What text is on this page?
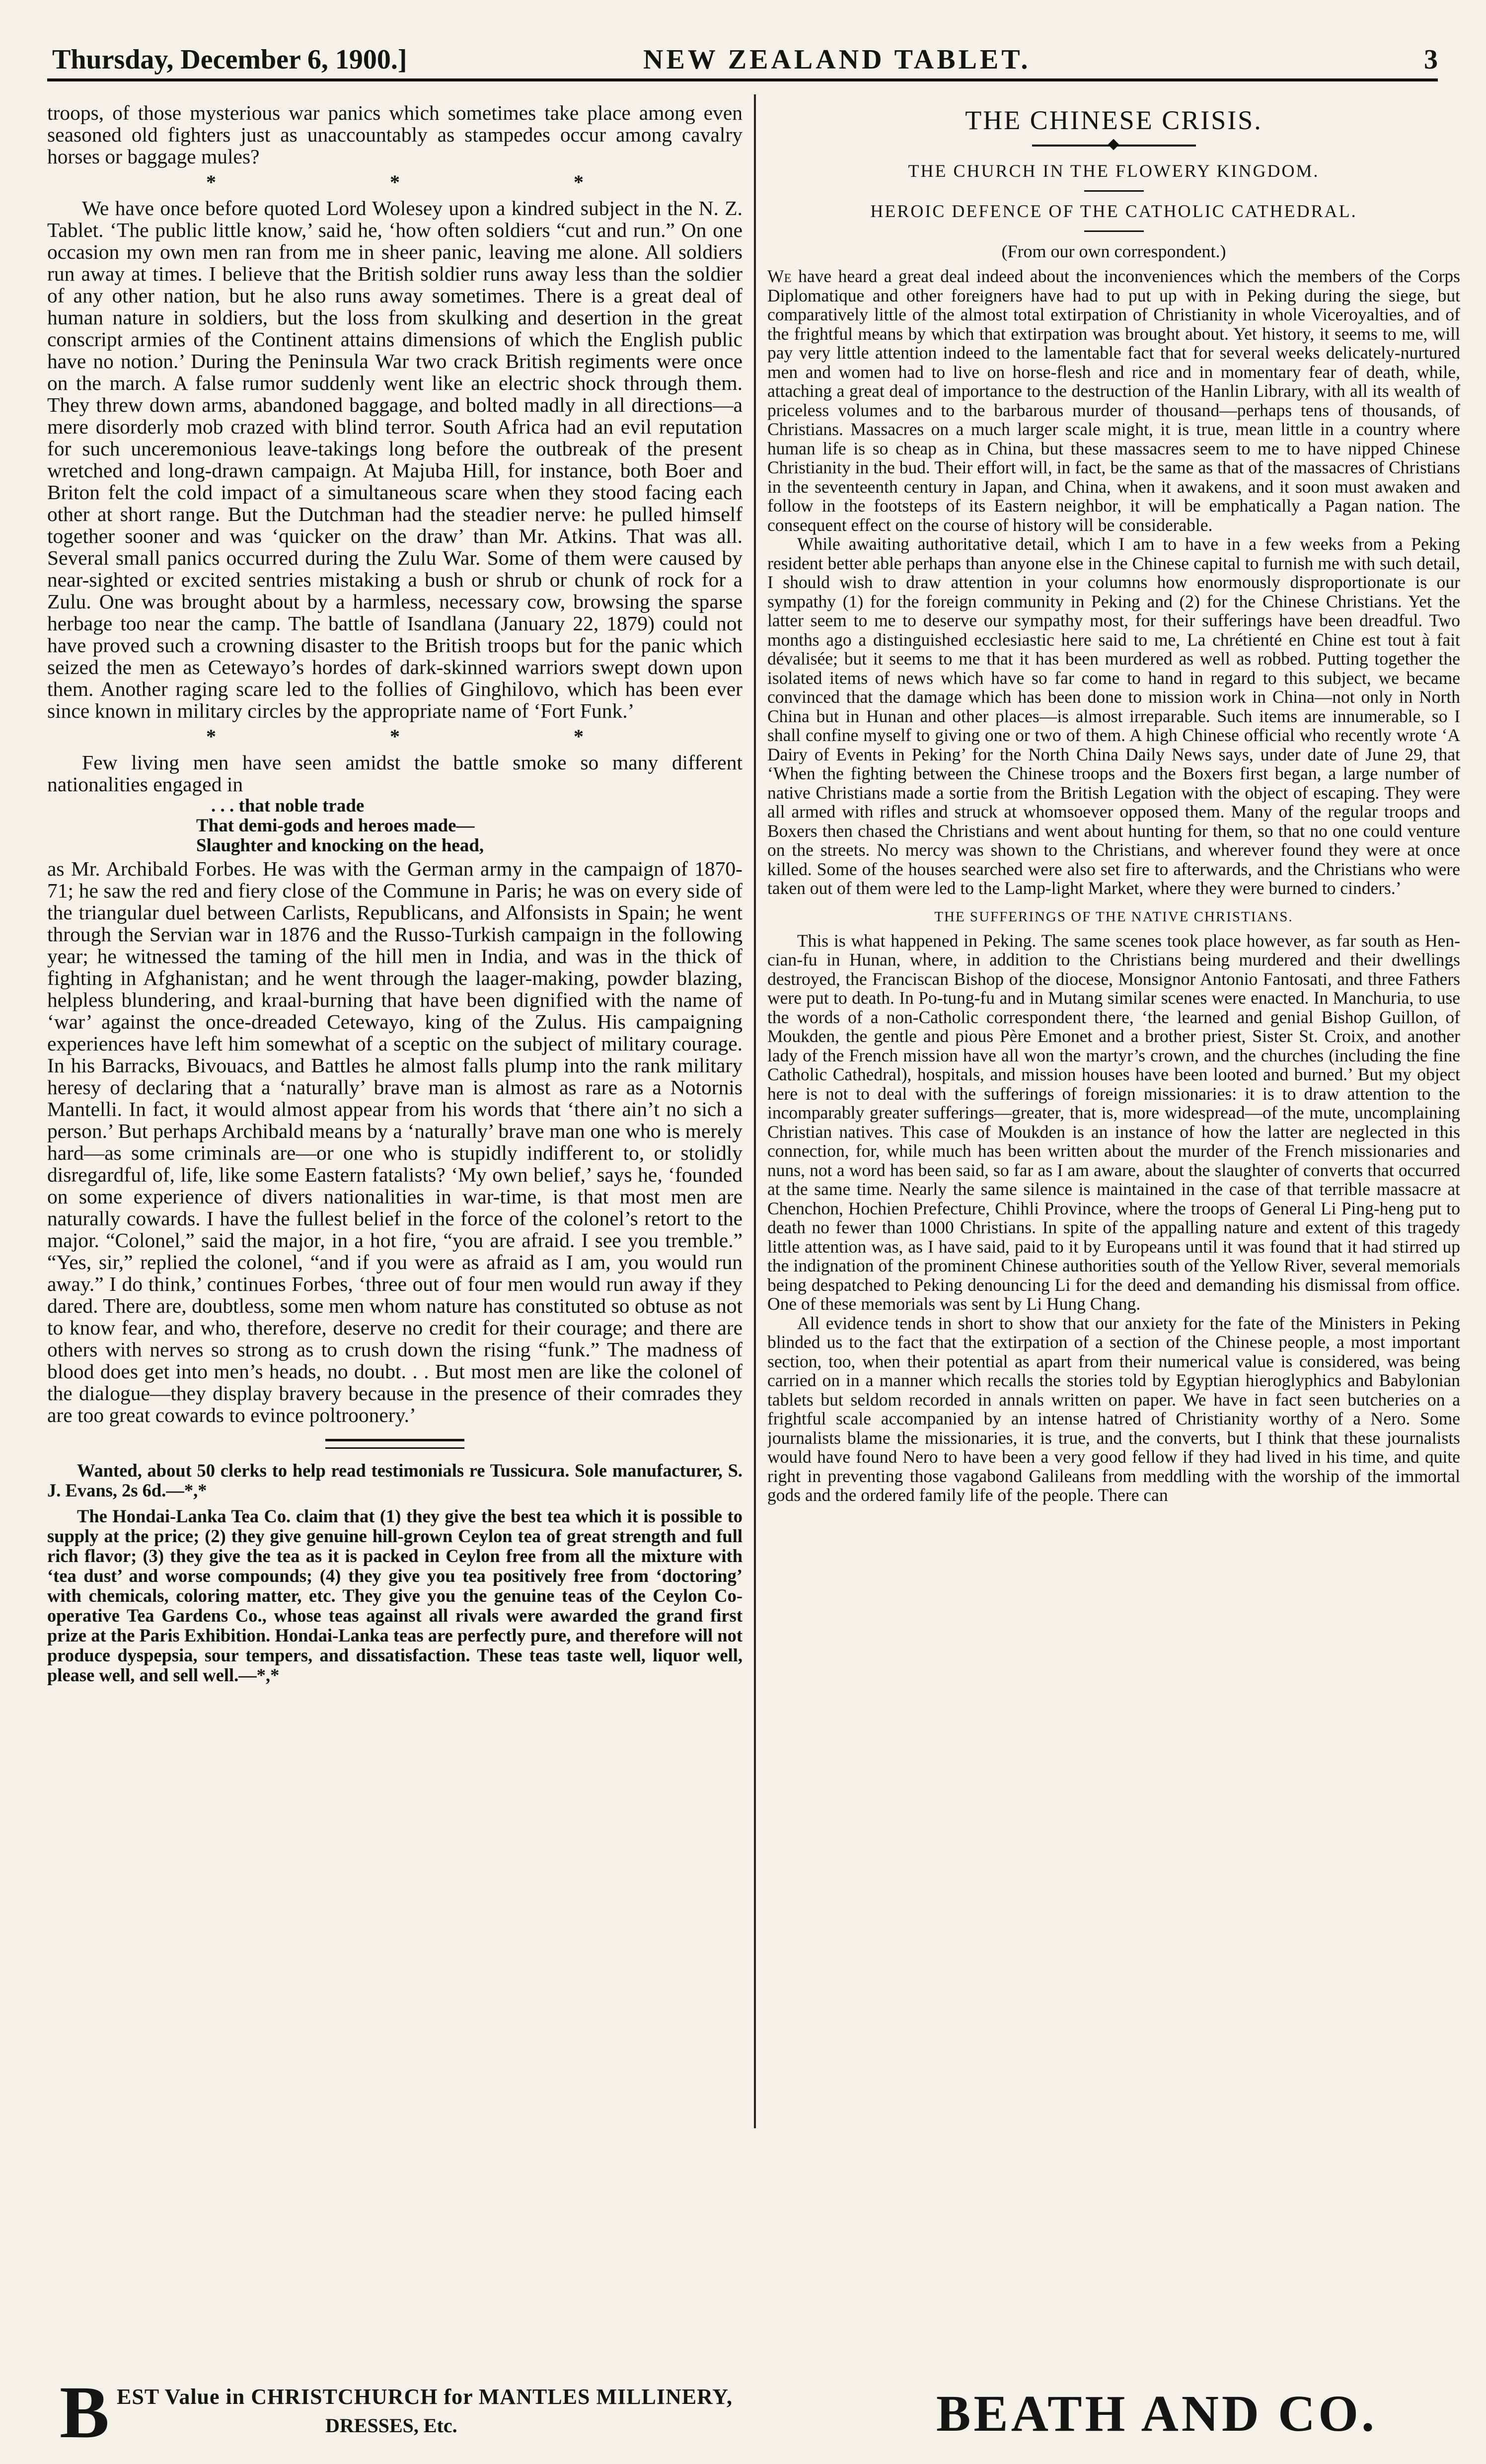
Thursday, December 6, 1900.]	NEW ZEALAND TABLET.	3

troops, of those mysterious war panics which sometimes take place among even seasoned old fighters just as unaccountably as stampedes occur among cavalry horses or baggage mules?

* * *

We have once before quoted Lord Wolesey upon a kindred subject in the N. Z. Tablet. ‘The public little know,’ said he, ‘how often soldiers “cut and run.” On one occasion my own men ran from me in sheer panic, leaving me alone. All soldiers run away at times. I believe that the British soldier runs away less than the soldier of any other nation, but he also runs away sometimes. There is a great deal of human nature in soldiers, but the loss from skulking and desertion in the great conscript armies of the Continent attains dimensions of which the English public have no notion.’ During the Peninsula War two crack British regiments were once on the march. A false rumor suddenly went like an electric shock through them. They threw down arms, abandoned baggage, and bolted madly in all directions—a mere disorderly mob crazed with blind terror. South Africa had an evil reputation for such unceremonious leave-takings long before the outbreak of the present wretched and long-drawn campaign. At Majuba Hill, for instance, both Boer and Briton felt the cold impact of a simultaneous scare when they stood facing each other at short range. But the Dutchman had the steadier nerve: he pulled himself together sooner and was ‘quicker on the draw’ than Mr. Atkins. That was all. Several small panics occurred during the Zulu War. Some of them were caused by near-sighted or excited sentries mistaking a bush or shrub or chunk of rock for a Zulu. One was brought about by a harmless, necessary cow, browsing the sparse herbage too near the camp. The battle of Isandlana (January 22, 1879) could not have proved such a crowning disaster to the British troops but for the panic which seized the men as Cetewayo’s hordes of dark-skinned warriors swept down upon them. Another raging scare led to the follies of Ginghilovo, which has been ever since known in military circles by the appropriate name of ‘Fort Funk.’

* * *

Few living men have seen amidst the battle smoke so many different nationalities engaged in

. . . that noble trade
That demi-gods and heroes made—
Slaughter and knocking on the head,

as Mr. Archibald Forbes. He was with the German army in the campaign of 1870-71; he saw the red and fiery close of the Commune in Paris; he was on every side of the triangular duel between Carlists, Republicans, and Alfonsists in Spain; he went through the Servian war in 1876 and the Russo-Turkish campaign in the following year; he witnessed the taming of the hill men in India, and was in the thick of fighting in Afghanistan; and he went through the laager-making, powder blazing, helpless blundering, and kraal-burning that have been dignified with the name of ‘war’ against the once-dreaded Cetewayo, king of the Zulus. His campaigning experiences have left him somewhat of a sceptic on the subject of military courage. In his Barracks, Bivouacs, and Battles he almost falls plump into the rank military heresy of declaring that a ‘naturally’ brave man is almost as rare as a Notornis Mantelli. In fact, it would almost appear from his words that ‘there ain’t no sich a person.’ But perhaps Archibald means by a ‘naturally’ brave man one who is merely hard—as some criminals are—or one who is stupidly indifferent to, or stolidly disregardful of, life, like some Eastern fatalists? ‘My own belief,’ says he, ‘founded on some experience of divers nationalities in war-time, is that most men are naturally cowards. I have the fullest belief in the force of the colonel’s retort to the major. “Colonel,” said the major, in a hot fire, “you are afraid. I see you tremble.” “Yes, sir,” replied the colonel, “and if you were as afraid as I am, you would run away.” I do think,’ continues Forbes, ‘three out of four men would run away if they dared. There are, doubtless, some men whom nature has constituted so obtuse as not to know fear, and who, therefore, deserve no credit for their courage; and there are others with nerves so strong as to crush down the rising “funk.” The madness of blood does get into men’s heads, no doubt. . . But most men are like the colonel of the dialogue—they display bravery because in the presence of their comrades they are too great cowards to evince poltroonery.’

Wanted, about 50 clerks to help read testimonials re Tussicura. Sole manufacturer, S. J. Evans, 2s 6d.—*,*

The Hondai-Lanka Tea Co. claim that (1) they give the best tea which it is possible to supply at the price; (2) they give genuine hill-grown Ceylon tea of great strength and full rich flavor; (3) they give the tea as it is packed in Ceylon free from all the mixture with ‘tea dust’ and worse compounds; (4) they give you tea positively free from ‘doctoring’ with chemicals, coloring matter, etc. They give you the genuine teas of the Ceylon Co-operative Tea Gardens Co., whose teas against all rivals were awarded the grand first prize at the Paris Exhibition. Hondai-Lanka teas are perfectly pure, and therefore will not produce dyspepsia, sour tempers, and dissatisfaction. These teas taste well, liquor well, please well, and sell well.—*,*

THE CHINESE CRISIS.
THE CHURCH IN THE FLOWERY KINGDOM.
HEROIC DEFENCE OF THE CATHOLIC CATHEDRAL.
(From our own correspondent.)

We have heard a great deal indeed about the inconveniences which the members of the Corps Diplomatique and other foreigners have had to put up with in Peking during the siege, but comparatively little of the almost total extirpation of Christianity in whole Viceroyalties, and of the frightful means by which that extirpation was brought about. Yet history, it seems to me, will pay very little attention indeed to the lamentable fact that for several weeks delicately-nurtured men and women had to live on horse-flesh and rice and in momentary fear of death, while, attaching a great deal of importance to the destruction of the Hanlin Library, with all its wealth of priceless volumes and to the barbarous murder of thousand—perhaps tens of thousands, of Christians. Massacres on a much larger scale might, it is true, mean little in a country where human life is so cheap as in China, but these massacres seem to me to have nipped Chinese Christianity in the bud. Their effort will, in fact, be the same as that of the massacres of Christians in the seventeenth century in Japan, and China, when it awakens, and it soon must awaken and follow in the footsteps of its Eastern neighbor, it will be emphatically a Pagan nation. The consequent effect on the course of history will be considerable.

While awaiting authoritative detail, which I am to have in a few weeks from a Peking resident better able perhaps than anyone else in the Chinese capital to furnish me with such detail, I should wish to draw attention in your columns how enormously disproportionate is our sympathy (1) for the foreign community in Peking and (2) for the Chinese Christians. Yet the latter seem to me to deserve our sympathy most, for their sufferings have been dreadful. Two months ago a distinguished ecclesiastic here said to me, La chrétienté en Chine est tout à fait dévalisée; but it seems to me that it has been murdered as well as robbed. Putting together the isolated items of news which have so far come to hand in regard to this subject, we became convinced that the damage which has been done to mission work in China—not only in North China but in Hunan and other places—is almost irreparable. Such items are innumerable, so I shall confine myself to giving one or two of them. A high Chinese official who recently wrote ‘A Dairy of Events in Peking’ for the North China Daily News says, under date of June 29, that ‘When the fighting between the Chinese troops and the Boxers first began, a large number of native Christians made a sortie from the British Legation with the object of escaping. They were all armed with rifles and struck at whomsoever opposed them. Many of the regular troops and Boxers then chased the Christians and went about hunting for them, so that no one could venture on the streets. No mercy was shown to the Christians, and wherever found they were at once killed. Some of the houses searched were also set fire to afterwards, and the Christians who were taken out of them were led to the Lamp-light Market, where they were burned to cinders.’

THE SUFFERINGS OF THE NATIVE CHRISTIANS.

This is what happened in Peking. The same scenes took place however, as far south as Hen-cian-fu in Hunan, where, in addition to the Christians being murdered and their dwellings destroyed, the Franciscan Bishop of the diocese, Monsignor Antonio Fantosati, and three Fathers were put to death. In Po-tung-fu and in Mutang similar scenes were enacted. In Manchuria, to use the words of a non-Catholic correspondent there, ‘the learned and genial Bishop Guillon, of Moukden, the gentle and pious Père Emonet and a brother priest, Sister St. Croix, and another lady of the French mission have all won the martyr’s crown, and the churches (including the fine Catholic Cathedral), hospitals, and mission houses have been looted and burned.’ But my object here is not to deal with the sufferings of foreign missionaries: it is to draw attention to the incomparably greater sufferings—greater, that is, more widespread—of the mute, uncomplaining Christian natives. This case of Moukden is an instance of how the latter are neglected in this connection, for, while much has been written about the murder of the French missionaries and nuns, not a word has been said, so far as I am aware, about the slaughter of converts that occurred at the same time. Nearly the same silence is maintained in the case of that terrible massacre at Chenchon, Hochien Prefecture, Chihli Province, where the troops of General Li Ping-heng put to death no fewer than 1000 Christians. In spite of the appalling nature and extent of this tragedy little attention was, as I have said, paid to it by Europeans until it was found that it had stirred up the indignation of the prominent Chinese authorities south of the Yellow River, several memorials being despatched to Peking denouncing Li for the deed and demanding his dismissal from office. One of these memorials was sent by Li Hung Chang.

All evidence tends in short to show that our anxiety for the fate of the Ministers in Peking blinded us to the fact that the extirpation of a section of the Chinese people, a most important section, too, when their potential as apart from their numerical value is considered, was being carried on in a manner which recalls the stories told by Egyptian hieroglyphics and Babylonian tablets but seldom recorded in annals written on paper. We have in fact seen butcheries on a frightful scale accompanied by an intense hatred of Christianity worthy of a Nero. Some journalists blame the missionaries, it is true, and the converts, but I think that these journalists would have found Nero to have been a very good fellow if they had lived in his time, and quite right in preventing those vagabond Galileans from meddling with the worship of the immortal gods and the ordered family life of the people. There can

B EST Value in CHRISTCHURCH for MANTLES MILLINERY,
DRESSES, Etc.	BEATH AND CO.
